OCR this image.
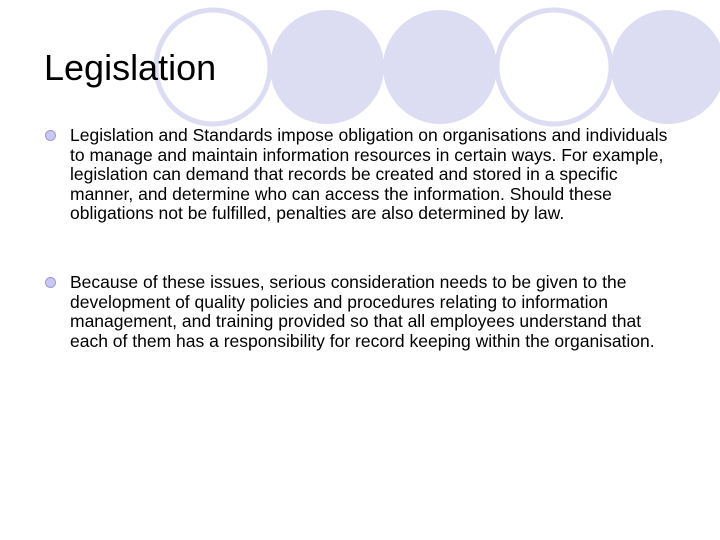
Legislation
Legislation and Standards impose obligation on organisations and individuals to manage and maintain information resources in certain ways. For example, legislation can demand that records be created and stored in a specific manner, and determine who can access the information. Should these obligations not be fulfilled, penalties are also determined by law.
Because of these issues, serious consideration needs to be given to the development of quality policies and procedures relating to information management, and training provided so that all employees understand that each of them has a responsibility for record keeping within the organisation.
